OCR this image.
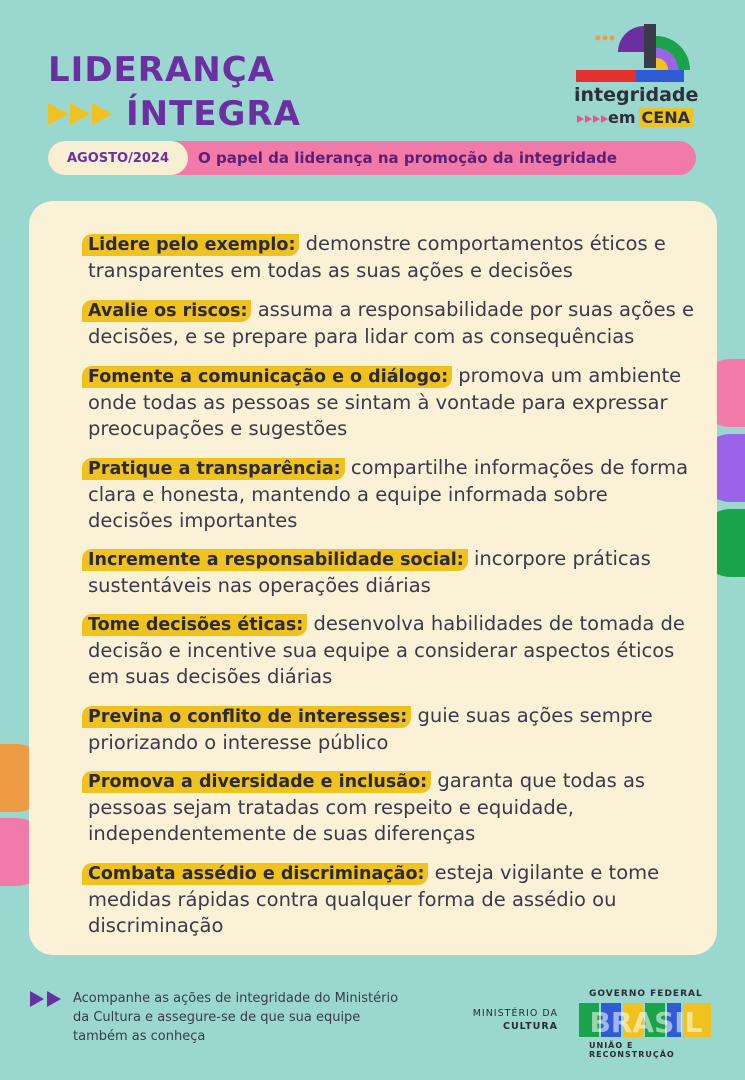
LIDERANÇA
ÍNTEGRA	integridade
em CENA
AGOSTO/2024	O papel da liderança na promoção da integridade
Lidere pelo exemplo: demonstre comportamentos éticos e transparentes em todas as suas ações e decisões
Avalie os riscos: assuma a responsabilidade por suas ações e decisões, e se prepare para lidar com as consequências
Fomente a comunicação e o diálogo: promova um ambiente onde todas as pessoas se sintam à vontade para expressar preocupações e sugestões
Pratique a transparência: compartilhe informações de forma clara e honesta, mantendo a equipe informada sobre decisões importantes
Incremente a responsabilidade social: incorpore práticas sustentáveis nas operações diárias
Tome decisões éticas: desenvolva habilidades de tomada de decisão e incentive sua equipe a considerar aspectos éticos em suas decisões diárias
Previna o conflito de interesses: guie suas ações sempre priorizando o interesse público
Promova a diversidade e inclusão: garanta que todas as pessoas sejam tratadas com respeito e equidade, independentemente de suas diferenças
Combata assédio e discriminação: esteja vigilante e tome medidas rápidas contra qualquer forma de assédio ou discriminação
Acompanhe as ações de integridade do Ministério da Cultura e assegure-se de que sua equipe também as conheça
MINISTÉRIO DA
CULTURA
GOVERNO FEDERAL
BRASIL
UNIÃO E RECONSTRUÇÃO
